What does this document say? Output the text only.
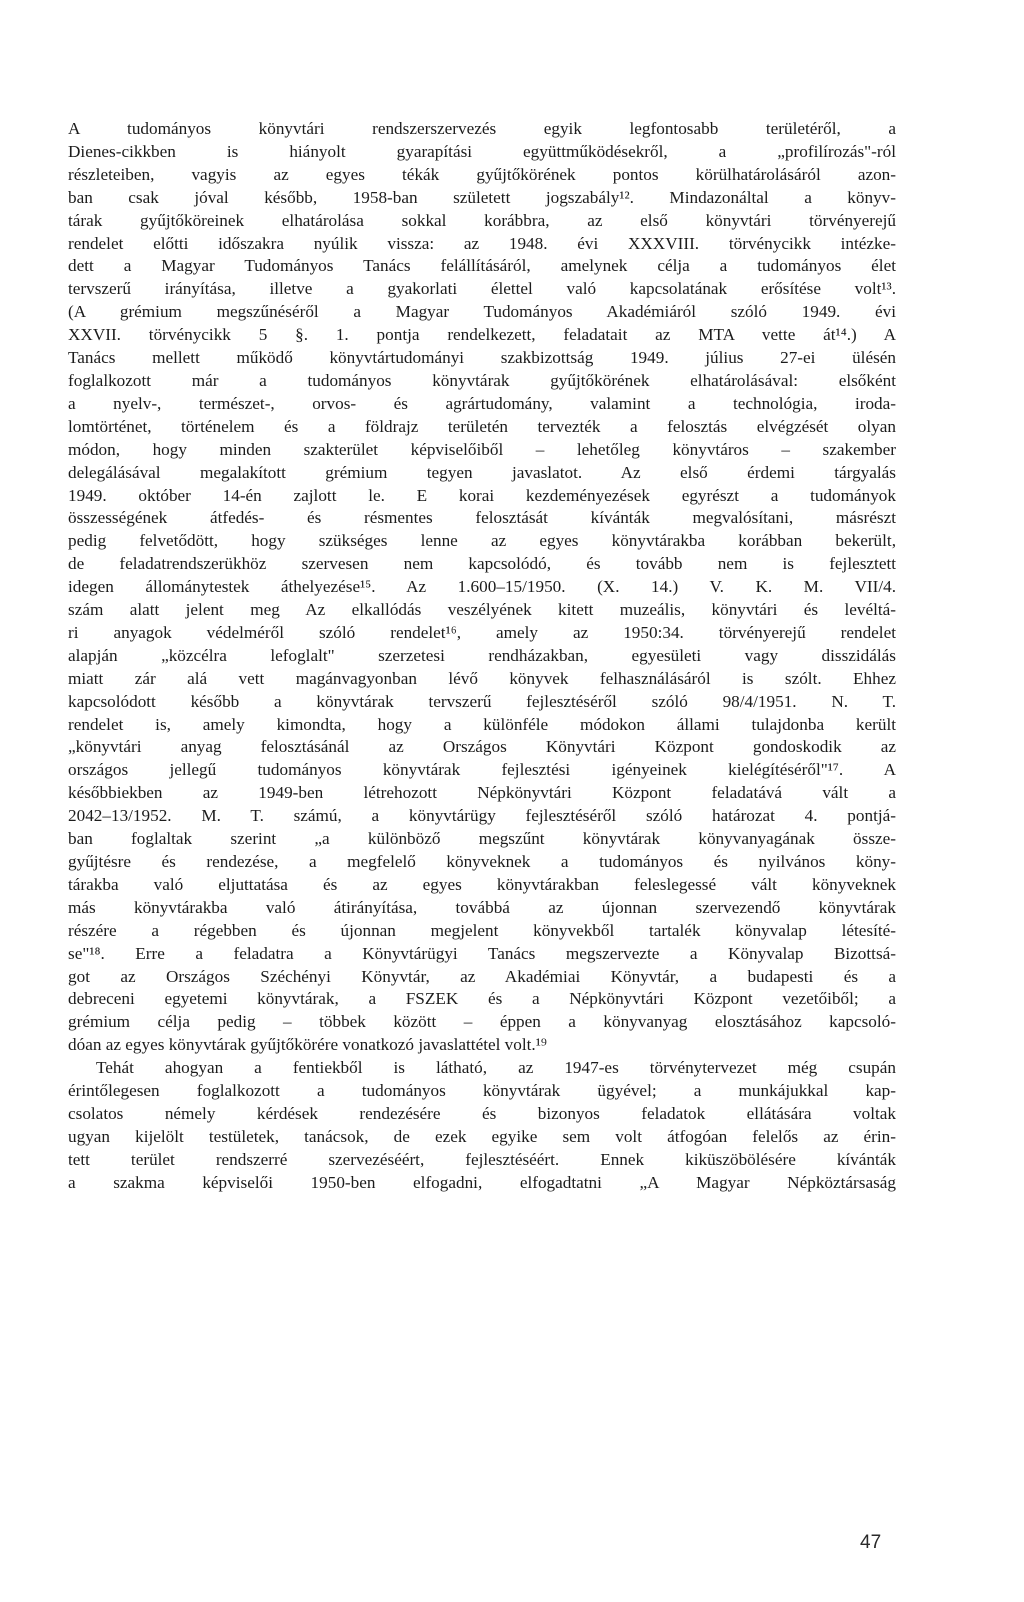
A tudományos könyvtári rendszerszervezés egyik legfontosabb területéről, a
Dienes-cikkben is hiányolt gyarapítási együttműködésekről, a „profilírozás"-ról
részleteiben, vagyis az egyes tékák gyűjtőkörének pontos körülhatárolásáról azon-
ban csak jóval később, 1958-ban született jogszabály¹². Mindazonáltal a könyv-
tárak gyűjtőköreinek elhatárolása sokkal korábbra, az első könyvtári törvényerejű
rendelet előtti időszakra nyúlik vissza: az 1948. évi XXXVIII. törvénycikk intézke-
dett a Magyar Tudományos Tanács felállításáról, amelynek célja a tudományos élet
tervszerű irányítása, illetve a gyakorlati élettel való kapcsolatának erősítése volt¹³.
(A grémium megszűnéséről a Magyar Tudományos Akadémiáról szóló 1949. évi
XXVII. törvénycikk 5 §. 1. pontja rendelkezett, feladatait az MTA vette át¹⁴.) A
Tanács mellett működő könyvtártudományi szakbizottság 1949. július 27-ei ülésén
foglalkozott már a tudományos könyvtárak gyűjtőkörének elhatárolásával: elsőként
a nyelv-, természet-, orvos- és agrártudomány, valamint a technológia, iroda-
lomtörténet, történelem és a földrajz területén tervezték a felosztás elvégzését olyan
módon, hogy minden szakterület képviselőiből – lehetőleg könyvtáros – szakember
delegálásával megalakított grémium tegyen javaslatot. Az első érdemi tárgyalás
1949. október 14-én zajlott le. E korai kezdeményezések egyrészt a tudományok
összességének átfedés- és résmentes felosztását kívánták megvalósítani, másrészt
pedig felvetődött, hogy szükséges lenne az egyes könyvtárakba korábban bekerült,
de feladatrendszerükhöz szervesen nem kapcsolódó, és tovább nem is fejlesztett
idegen állománytestek áthelyezése¹⁵. Az 1.600–15/1950. (X. 14.) V. K. M. VII/4.
szám alatt jelent meg Az elkallódás veszélyének kitett muzeális, könyvtári és levéltá-
ri anyagok védelméről szóló rendelet¹⁶, amely az 1950:34. törvényerejű rendelet
alapján „közcélra lefoglalt" szerzetesi rendházakban, egyesületi vagy disszidálás
miatt zár alá vett magánvagyonban lévő könyvek felhasználásáról is szólt. Ehhez
kapcsolódott később a könyvtárak tervszerű fejlesztéséről szóló 98/4/1951. N. T.
rendelet is, amely kimondta, hogy a különféle módokon állami tulajdonba került
„könyvtári anyag felosztásánál az Országos Könyvtári Központ gondoskodik az
országos jellegű tudományos könyvtárak fejlesztési igényeinek kielégítéséről"¹⁷. A
későbbiekben az 1949-ben létrehozott Népkönyvtári Központ feladatává vált a
2042–13/1952. M. T. számú, a könyvtárügy fejlesztéséről szóló határozat 4. pontjá-
ban foglaltak szerint „a különböző megszűnt könyvtárak könyvanyagának össze-
gyűjtésre és rendezése, a megfelelő könyveknek a tudományos és nyilvános köny-
tárakba való eljuttatása és az egyes könyvtárakban feleslegessé vált könyveknek
más könyvtárakba való átirányítása, továbbá az újonnan szervezendő könyvtárak
részére a régebben és újonnan megjelent könyvekből tartalék könyvalap létesíté-
se"¹⁸. Erre a feladatra a Könyvtárügyi Tanács megszervezte a Könyvalap Bizottsá-
got az Országos Széchényi Könyvtár, az Akadémiai Könyvtár, a budapesti és a
debreceni egyetemi könyvtárak, a FSZEK és a Népkönyvtári Központ vezetőiből; a
grémium célja pedig – többek között – éppen a könyvanyag elosztásához kapcsoló-
dóan az egyes könyvtárak gyűjtőkörére vonatkozó javaslattétel volt.¹⁹
Tehát ahogyan a fentiekből is látható, az 1947-es törvénytervezet még csupán
érintőlegesen foglalkozott a tudományos könyvtárak ügyével; a munkájukkal kap-
csolatos némely kérdések rendezésére és bizonyos feladatok ellátására voltak
ugyan kijelölt testületek, tanácsok, de ezek egyike sem volt átfogóan felelős az érin-
tett terület rendszerré szervezéséért, fejlesztéséért. Ennek kiküszöbölésére kívánták
a szakma képviselői 1950-ben elfogadni, elfogadtatni „A Magyar Népköztársaság
47
